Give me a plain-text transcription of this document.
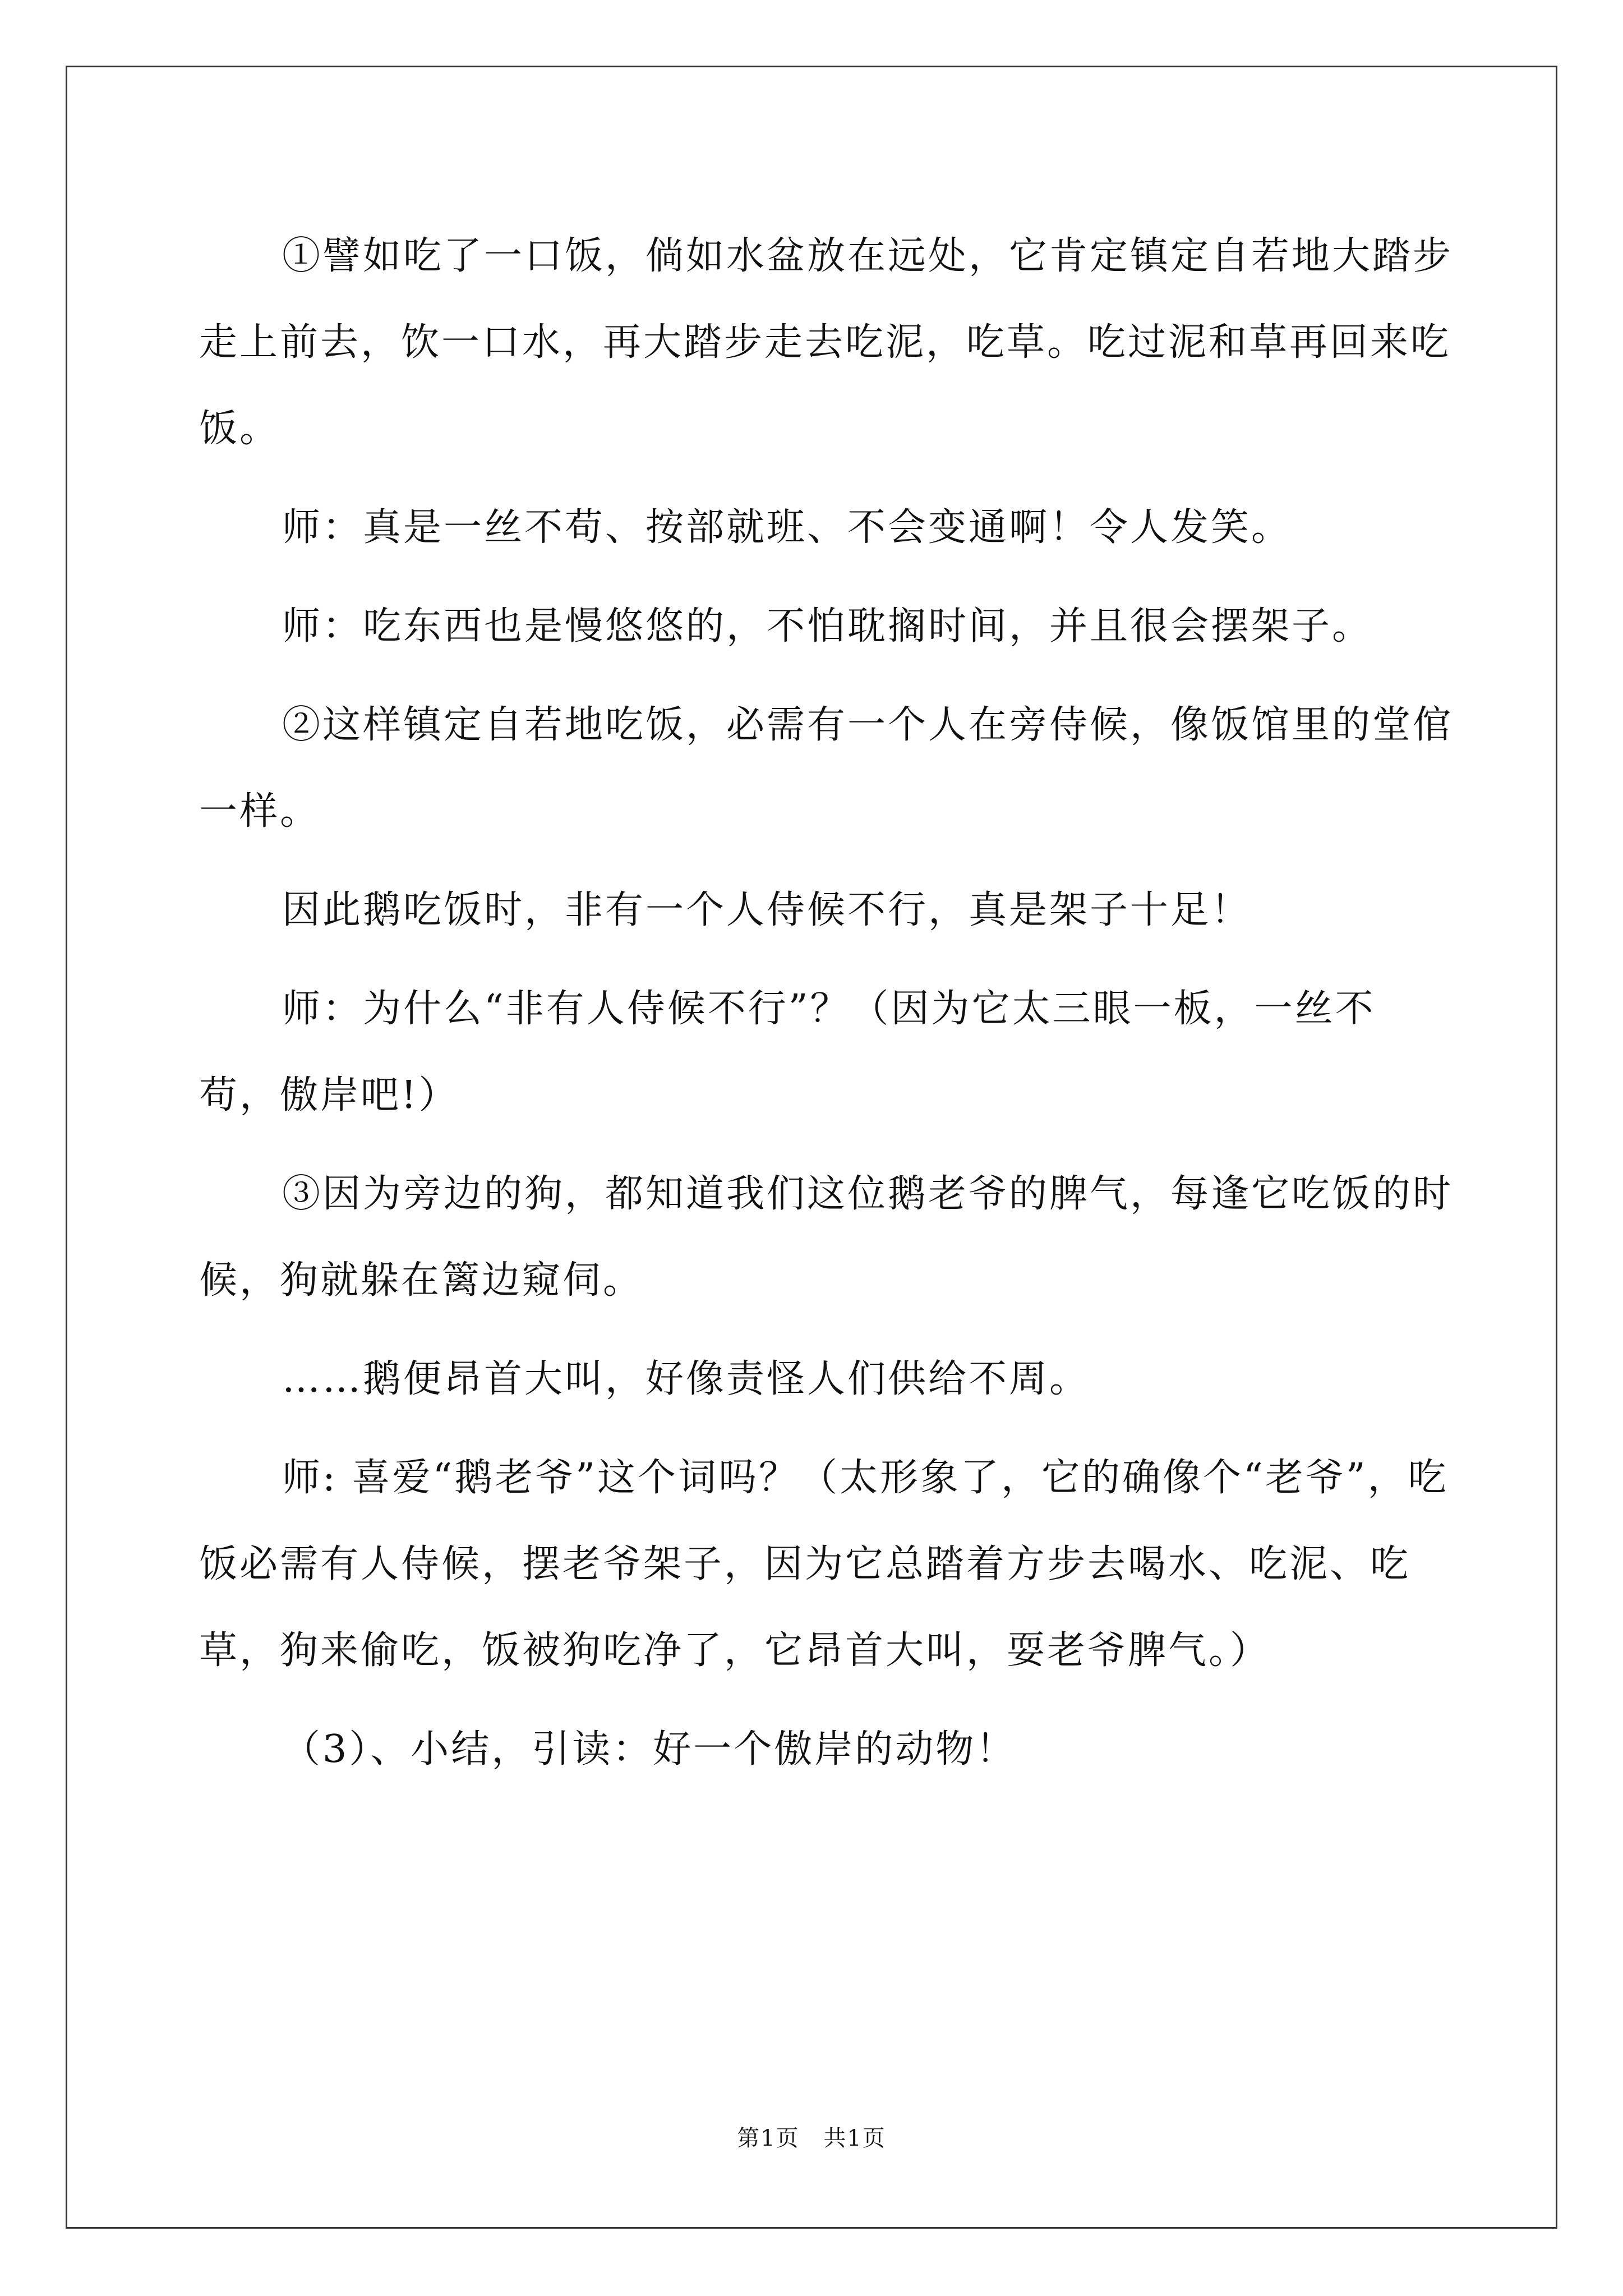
①譬如吃了一口饭，倘如水盆放在远处，它肯定镇定自若地大踏步走上前去，饮一口水，再大踏步走去吃泥，吃草。吃过泥和草再回来吃饭。

师：真是一丝不苟、按部就班、不会变通啊！令人发笑。

师：吃东西也是慢悠悠的，不怕耽搁时间，并且很会摆架子。

②这样镇定自若地吃饭，必需有一个人在旁侍候，像饭馆里的堂倌一样。

因此鹅吃饭时，非有一个人侍候不行，真是架子十足！

师：为什么“非有人侍候不行”？（因为它太三眼一板，一丝不苟，傲岸吧!）

③因为旁边的狗，都知道我们这位鹅老爷的脾气，每逢它吃饭的时候，狗就躲在篱边窥伺。

……鹅便昂首大叫，好像责怪人们供给不周。

师: 喜爱“鹅老爷”这个词吗？（太形象了，它的确像个“老爷”，吃饭必需有人侍候，摆老爷架子，因为它总踏着方步去喝水、吃泥、吃草，狗来偷吃，饭被狗吃净了，它昂首大叫，耍老爷脾气。）

（3）、小结，引读：好一个傲岸的动物！

第1页 共1页
